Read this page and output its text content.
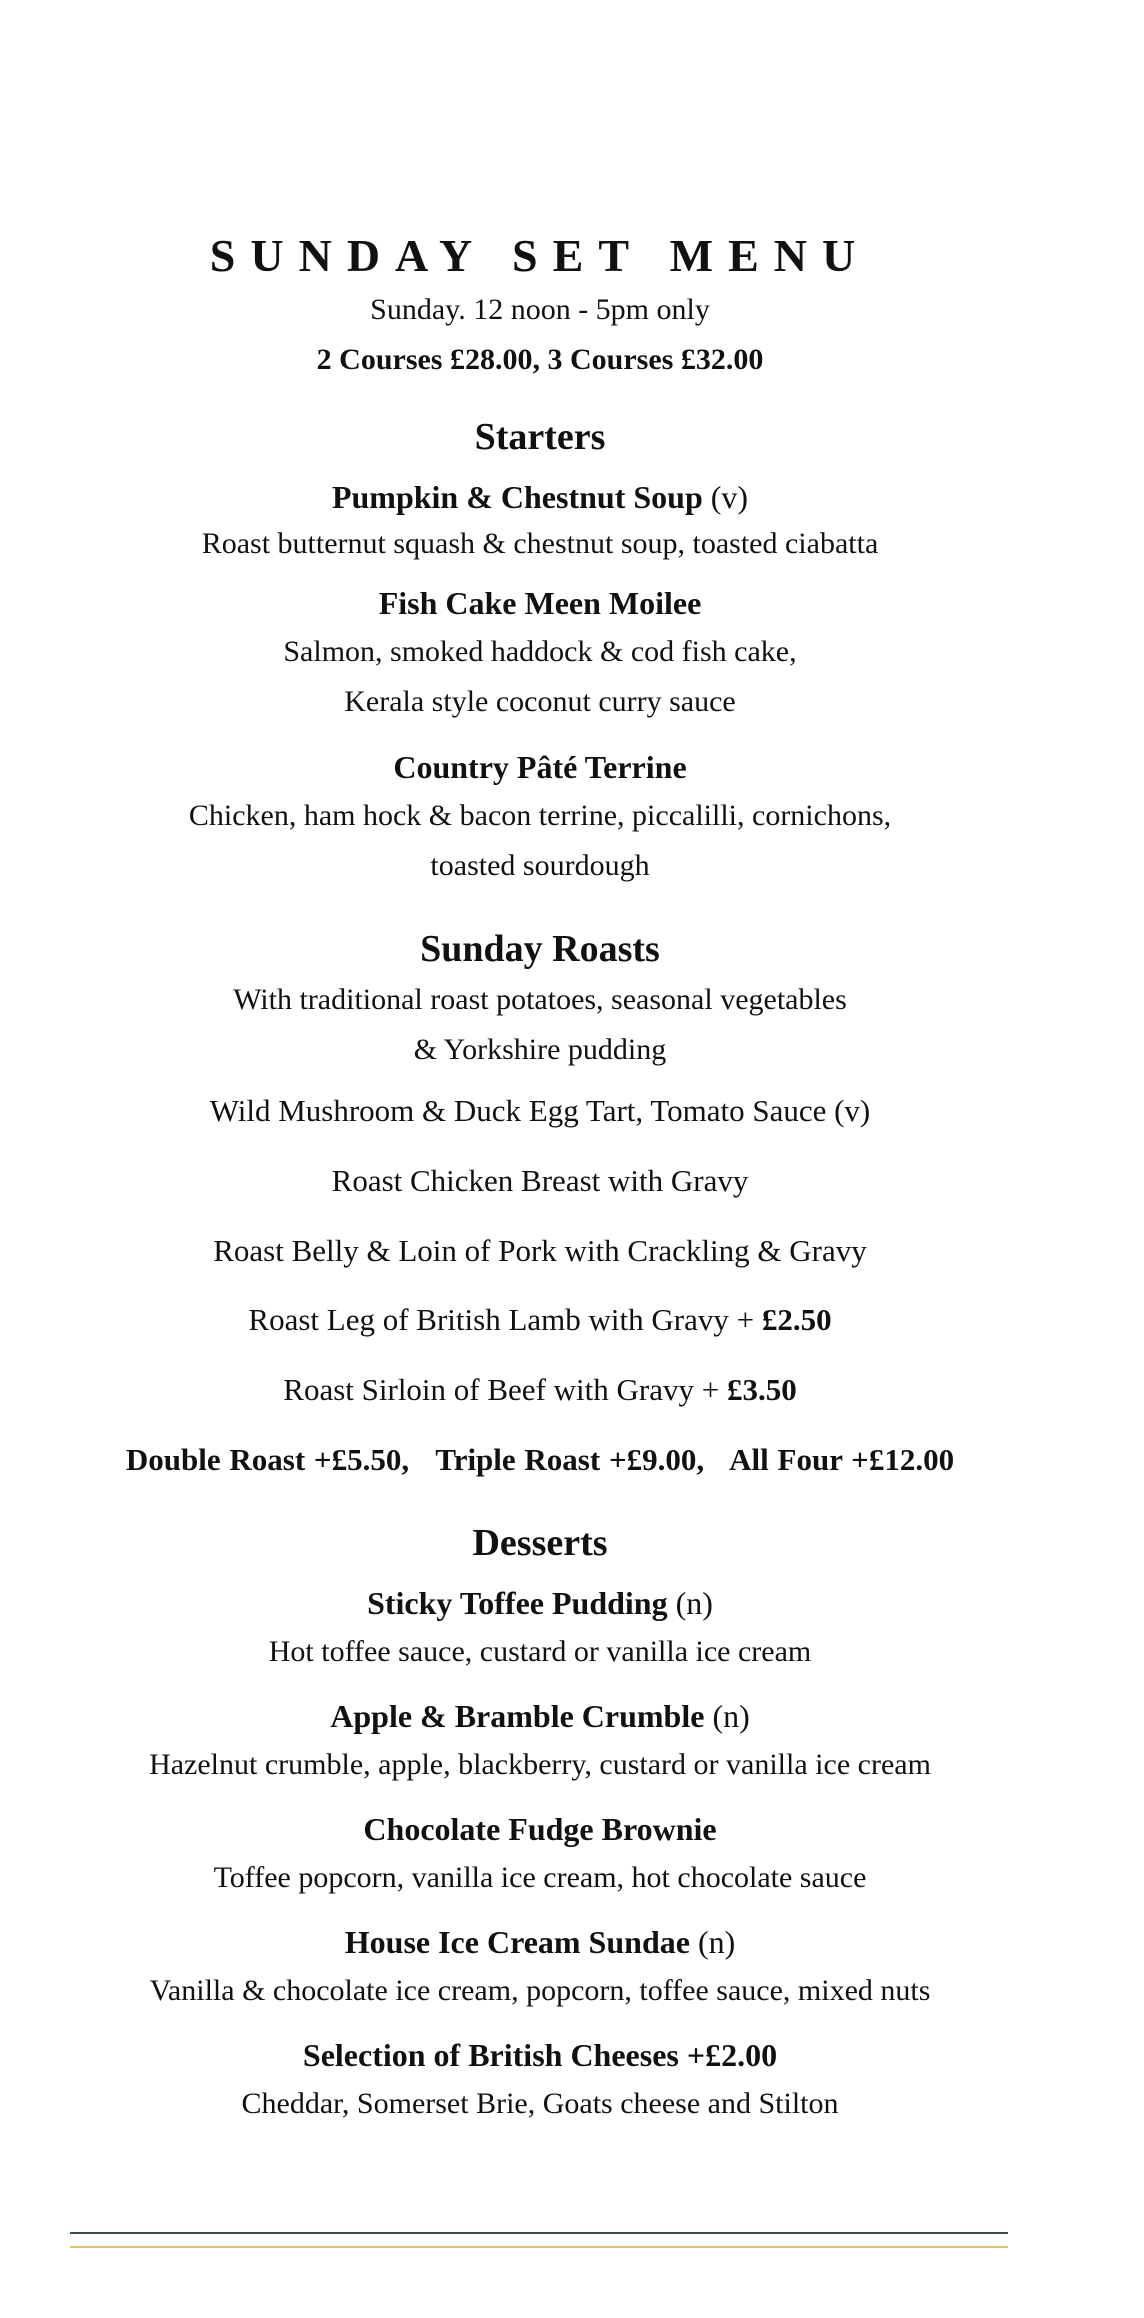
SUNDAY SET MENU
Sunday. 12 noon - 5pm only
2 Courses £28.00, 3 Courses £32.00
Starters
Pumpkin & Chestnut Soup (v)
Roast butternut squash & chestnut soup, toasted ciabatta
Fish Cake Meen Moilee
Salmon, smoked haddock & cod fish cake,
Kerala style coconut curry sauce
Country Pâté Terrine
Chicken, ham hock & bacon terrine, piccalilli, cornichons,
toasted sourdough
Sunday Roasts
With traditional roast potatoes, seasonal vegetables
& Yorkshire pudding
Wild Mushroom & Duck Egg Tart, Tomato Sauce (v)
Roast Chicken Breast with Gravy
Roast Belly & Loin of Pork with Crackling & Gravy
Roast Leg of British Lamb with Gravy + £2.50
Roast Sirloin of Beef with Gravy + £3.50
Double Roast +£5.50, Triple Roast +£9.00, All Four +£12.00
Desserts
Sticky Toffee Pudding (n)
Hot toffee sauce, custard or vanilla ice cream
Apple & Bramble Crumble (n)
Hazelnut crumble, apple, blackberry, custard or vanilla ice cream
Chocolate Fudge Brownie
Toffee popcorn, vanilla ice cream, hot chocolate sauce
House Ice Cream Sundae (n)
Vanilla & chocolate ice cream, popcorn, toffee sauce, mixed nuts
Selection of British Cheeses +£2.00
Cheddar, Somerset Brie, Goats cheese and Stilton
